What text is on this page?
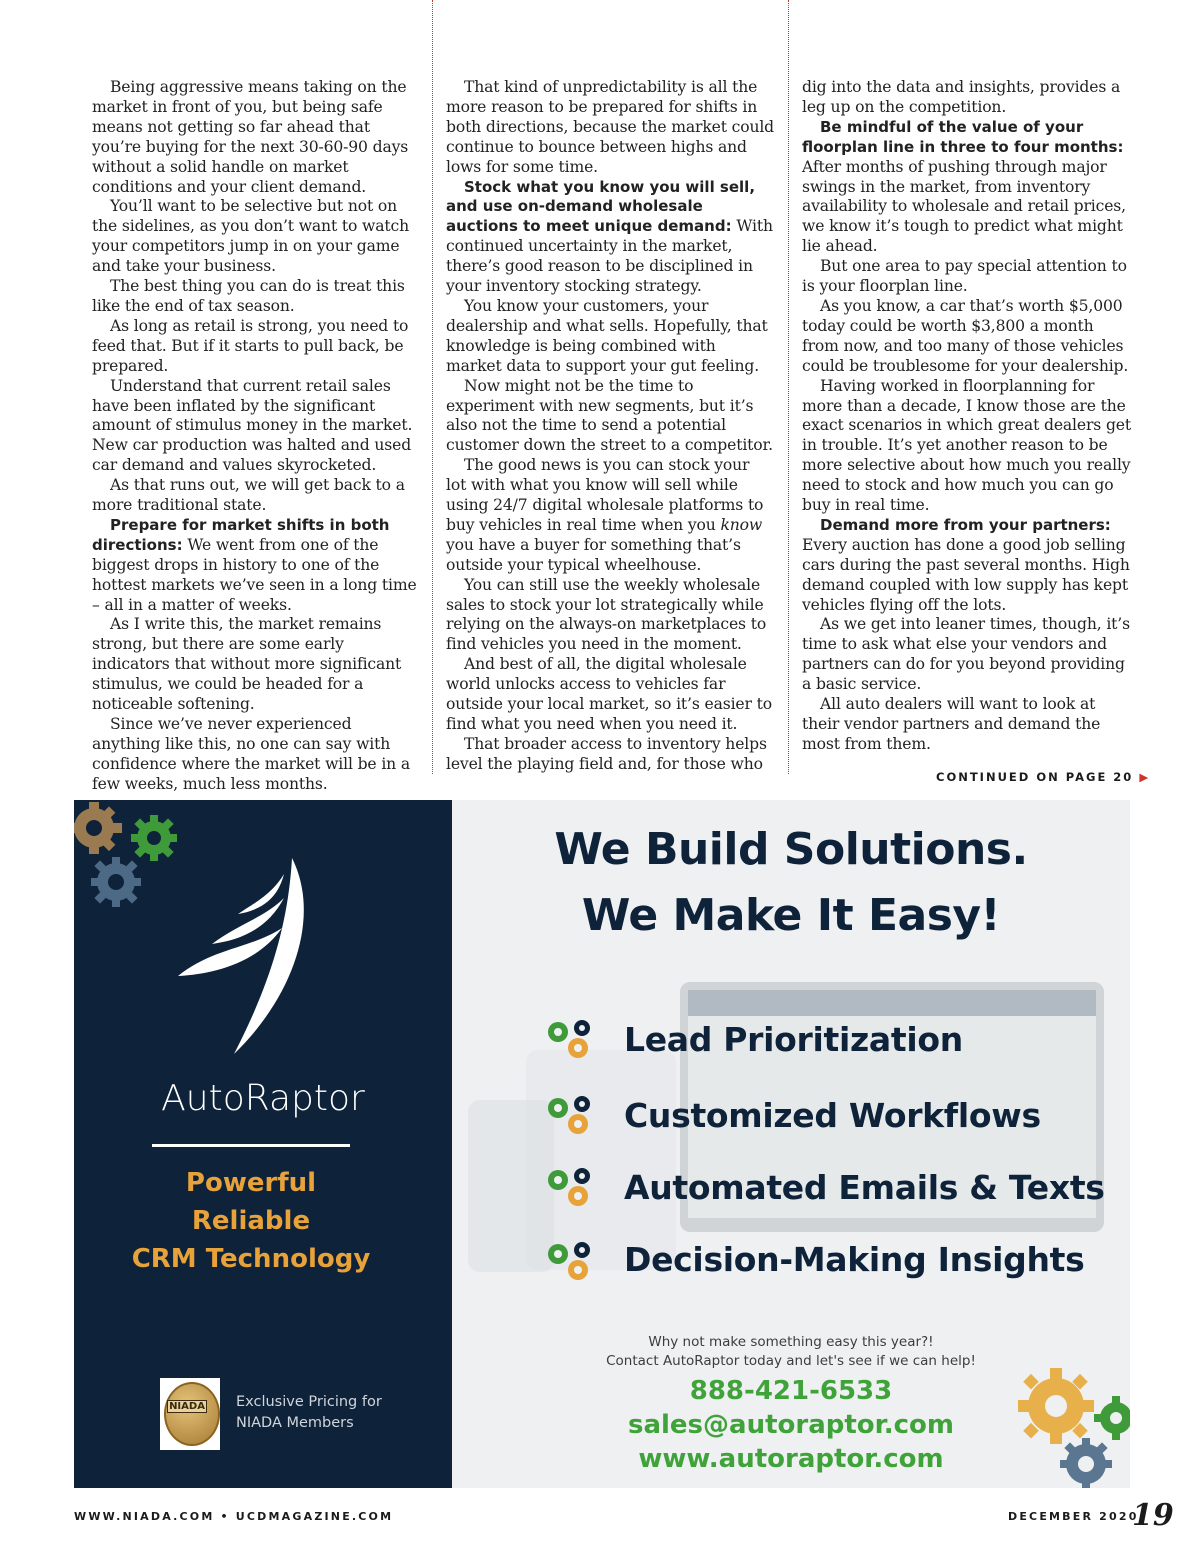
Being aggressive means taking on the market in front of you, but being safe means not getting so far ahead that you’re buying for the next 30-60-90 days without a solid handle on market conditions and your client demand.

You’ll want to be selective but not on the sidelines, as you don’t want to watch your competitors jump in on your game and take your business.

The best thing you can do is treat this like the end of tax season.

As long as retail is strong, you need to feed that. But if it starts to pull back, be prepared.

Understand that current retail sales have been inflated by the significant amount of stimulus money in the market. New car production was halted and used car demand and values skyrocketed.

As that runs out, we will get back to a more traditional state.

Prepare for market shifts in both directions: We went from one of the biggest drops in history to one of the hottest markets we’ve seen in a long time – all in a matter of weeks.

As I write this, the market remains strong, but there are some early indicators that without more significant stimulus, we could be headed for a noticeable softening.

Since we’ve never experienced anything like this, no one can say with confidence where the market will be in a few weeks, much less months.

That kind of unpredictability is all the more reason to be prepared for shifts in both directions, because the market could continue to bounce between highs and lows for some time.

Stock what you know you will sell, and use on-demand wholesale auctions to meet unique demand: With continued uncertainty in the market, there’s good reason to be disciplined in your inventory stocking strategy.

You know your customers, your dealership and what sells. Hopefully, that knowledge is being combined with market data to support your gut feeling.

Now might not be the time to experiment with new segments, but it’s also not the time to send a potential customer down the street to a competitor.

The good news is you can stock your lot with what you know will sell while using 24/7 digital wholesale platforms to buy vehicles in real time when you know you have a buyer for something that’s outside your typical wheelhouse.

You can still use the weekly wholesale sales to stock your lot strategically while relying on the always-on marketplaces to find vehicles you need in the moment.

And best of all, the digital wholesale world unlocks access to vehicles far outside your local market, so it’s easier to find what you need when you need it.

That broader access to inventory helps level the playing field and, for those who

dig into the data and insights, provides a leg up on the competition.

Be mindful of the value of your floorplan line in three to four months: After months of pushing through major swings in the market, from inventory availability to wholesale and retail prices, we know it’s tough to predict what might lie ahead.

But one area to pay special attention to is your floorplan line.

As you know, a car that’s worth $5,000 today could be worth $3,800 a month from now, and too many of those vehicles could be troublesome for your dealership.

Having worked in floorplanning for more than a decade, I know those are the exact scenarios in which great dealers get in trouble. It’s yet another reason to be more selective about how much you really need to stock and how much you can go buy in real time.

Demand more from your partners: Every auction has done a good job selling cars during the past several months. High demand coupled with low supply has kept vehicles flying off the lots.

As we get into leaner times, though, it’s time to ask what else your vendors and partners can do for you beyond providing a basic service.

All auto dealers will want to look at their vendor partners and demand the most from them.

CONTINUED ON PAGE 20 ▶
AutoRaptor
Powerful
Reliable
CRM Technology
NIADA Exclusive Pricing for
NIADA Members
We Build Solutions.
We Make It Easy!
Lead Prioritization
Customized Workflows
Automated Emails & Texts
Decision-Making Insights
Why not make something easy this year?!
Contact AutoRaptor today and let's see if we can help!
888-421-6533
sales@autoraptor.com
www.autoraptor.com
WWW.NIADA.COM • UCDMAGAZINE.COM	DECEMBER 2020
19
